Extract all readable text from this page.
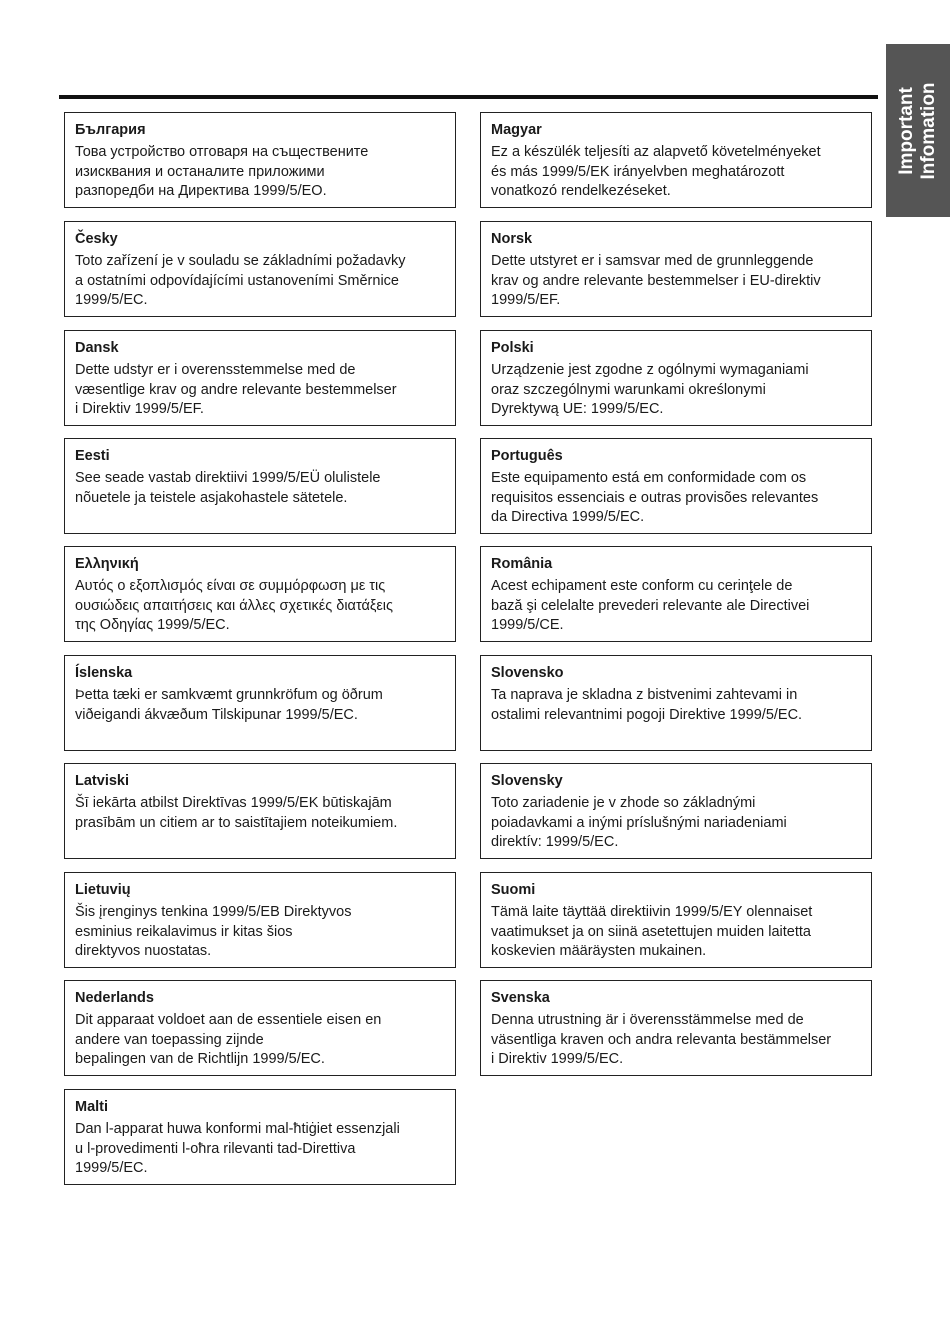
Important Infomation

България

Това устройство отговаря на съществените
изисквания и останалите приложими
разпоредби на Директива 1999/5/EO.

Česky

Toto zařízení je v souladu se základními požadavky
a ostatními odpovídajícími ustanoveními Směrnice
1999/5/EC.

Dansk

Dette udstyr er i overensstemmelse med de
væsentlige krav og andre relevante bestemmelser
i Direktiv 1999/5/EF.

Eesti

See seade vastab direktiivi 1999/5/EÜ olulistele
nõuetele ja teistele asjakohastele sätetele.

Ελληνική

Αυτός ο εξοπλισμός είναι σε συμμόρφωση με τις
ουσιώδεις απαιτήσεις και άλλες σχετικές διατάξεις
της Οδηγίας 1999/5/EC.

Íslenska

Þetta tæki er samkvæmt grunnkröfum og öðrum
viðeigandi ákvæðum Tilskipunar 1999/5/EC.

Latviski

Šī iekārta atbilst Direktīvas 1999/5/EK būtiskajām
prasībām un citiem ar to saistītajiem noteikumiem.

Lietuvių

Šis įrenginys tenkina 1999/5/EB Direktyvos
esminius reikalavimus ir kitas šios
direktyvos nuostatas.

Nederlands

Dit apparaat voldoet aan de essentiele eisen en
andere van toepassing zijnde
bepalingen van de Richtlijn 1999/5/EC.

Malti

Dan l-apparat huwa konformi mal-ħtiġiet essenzjali
u l-provedimenti l-oħra rilevanti tad-Direttiva
1999/5/EC.

Magyar

Ez a készülék teljesíti az alapvető követelményeket
és más 1999/5/EK irányelvben meghatározott
vonatkozó rendelkezéseket.

Norsk

Dette utstyret er i samsvar med de grunnleggende
krav og andre relevante bestemmelser i EU-direktiv
1999/5/EF.

Polski

Urządzenie jest zgodne z ogólnymi wymaganiami
oraz szczególnymi warunkami określonymi
Dyrektywą UE: 1999/5/EC.

Português

Este equipamento está em conformidade com os
requisitos essenciais e outras provisões relevantes
da Directiva 1999/5/EC.

România

Acest echipament este conform cu cerinţele de
bază şi celelalte prevederi relevante ale Directivei
1999/5/CE.

Slovensko

Ta naprava je skladna z bistvenimi zahtevami in
ostalimi relevantnimi pogoji Direktive 1999/5/EC.

Slovensky

Toto zariadenie je v zhode so základnými
poiadavkami a inými príslušnými nariadeniami
direktív: 1999/5/EC.

Suomi

Tämä laite täyttää direktiivin 1999/5/EY olennaiset
vaatimukset ja on siinä asetettujen muiden laitetta
koskevien määräysten mukainen.

Svenska

Denna utrustning är i överensstämmelse med de
väsentliga kraven och andra relevanta bestämmelser
i Direktiv 1999/5/EC.
